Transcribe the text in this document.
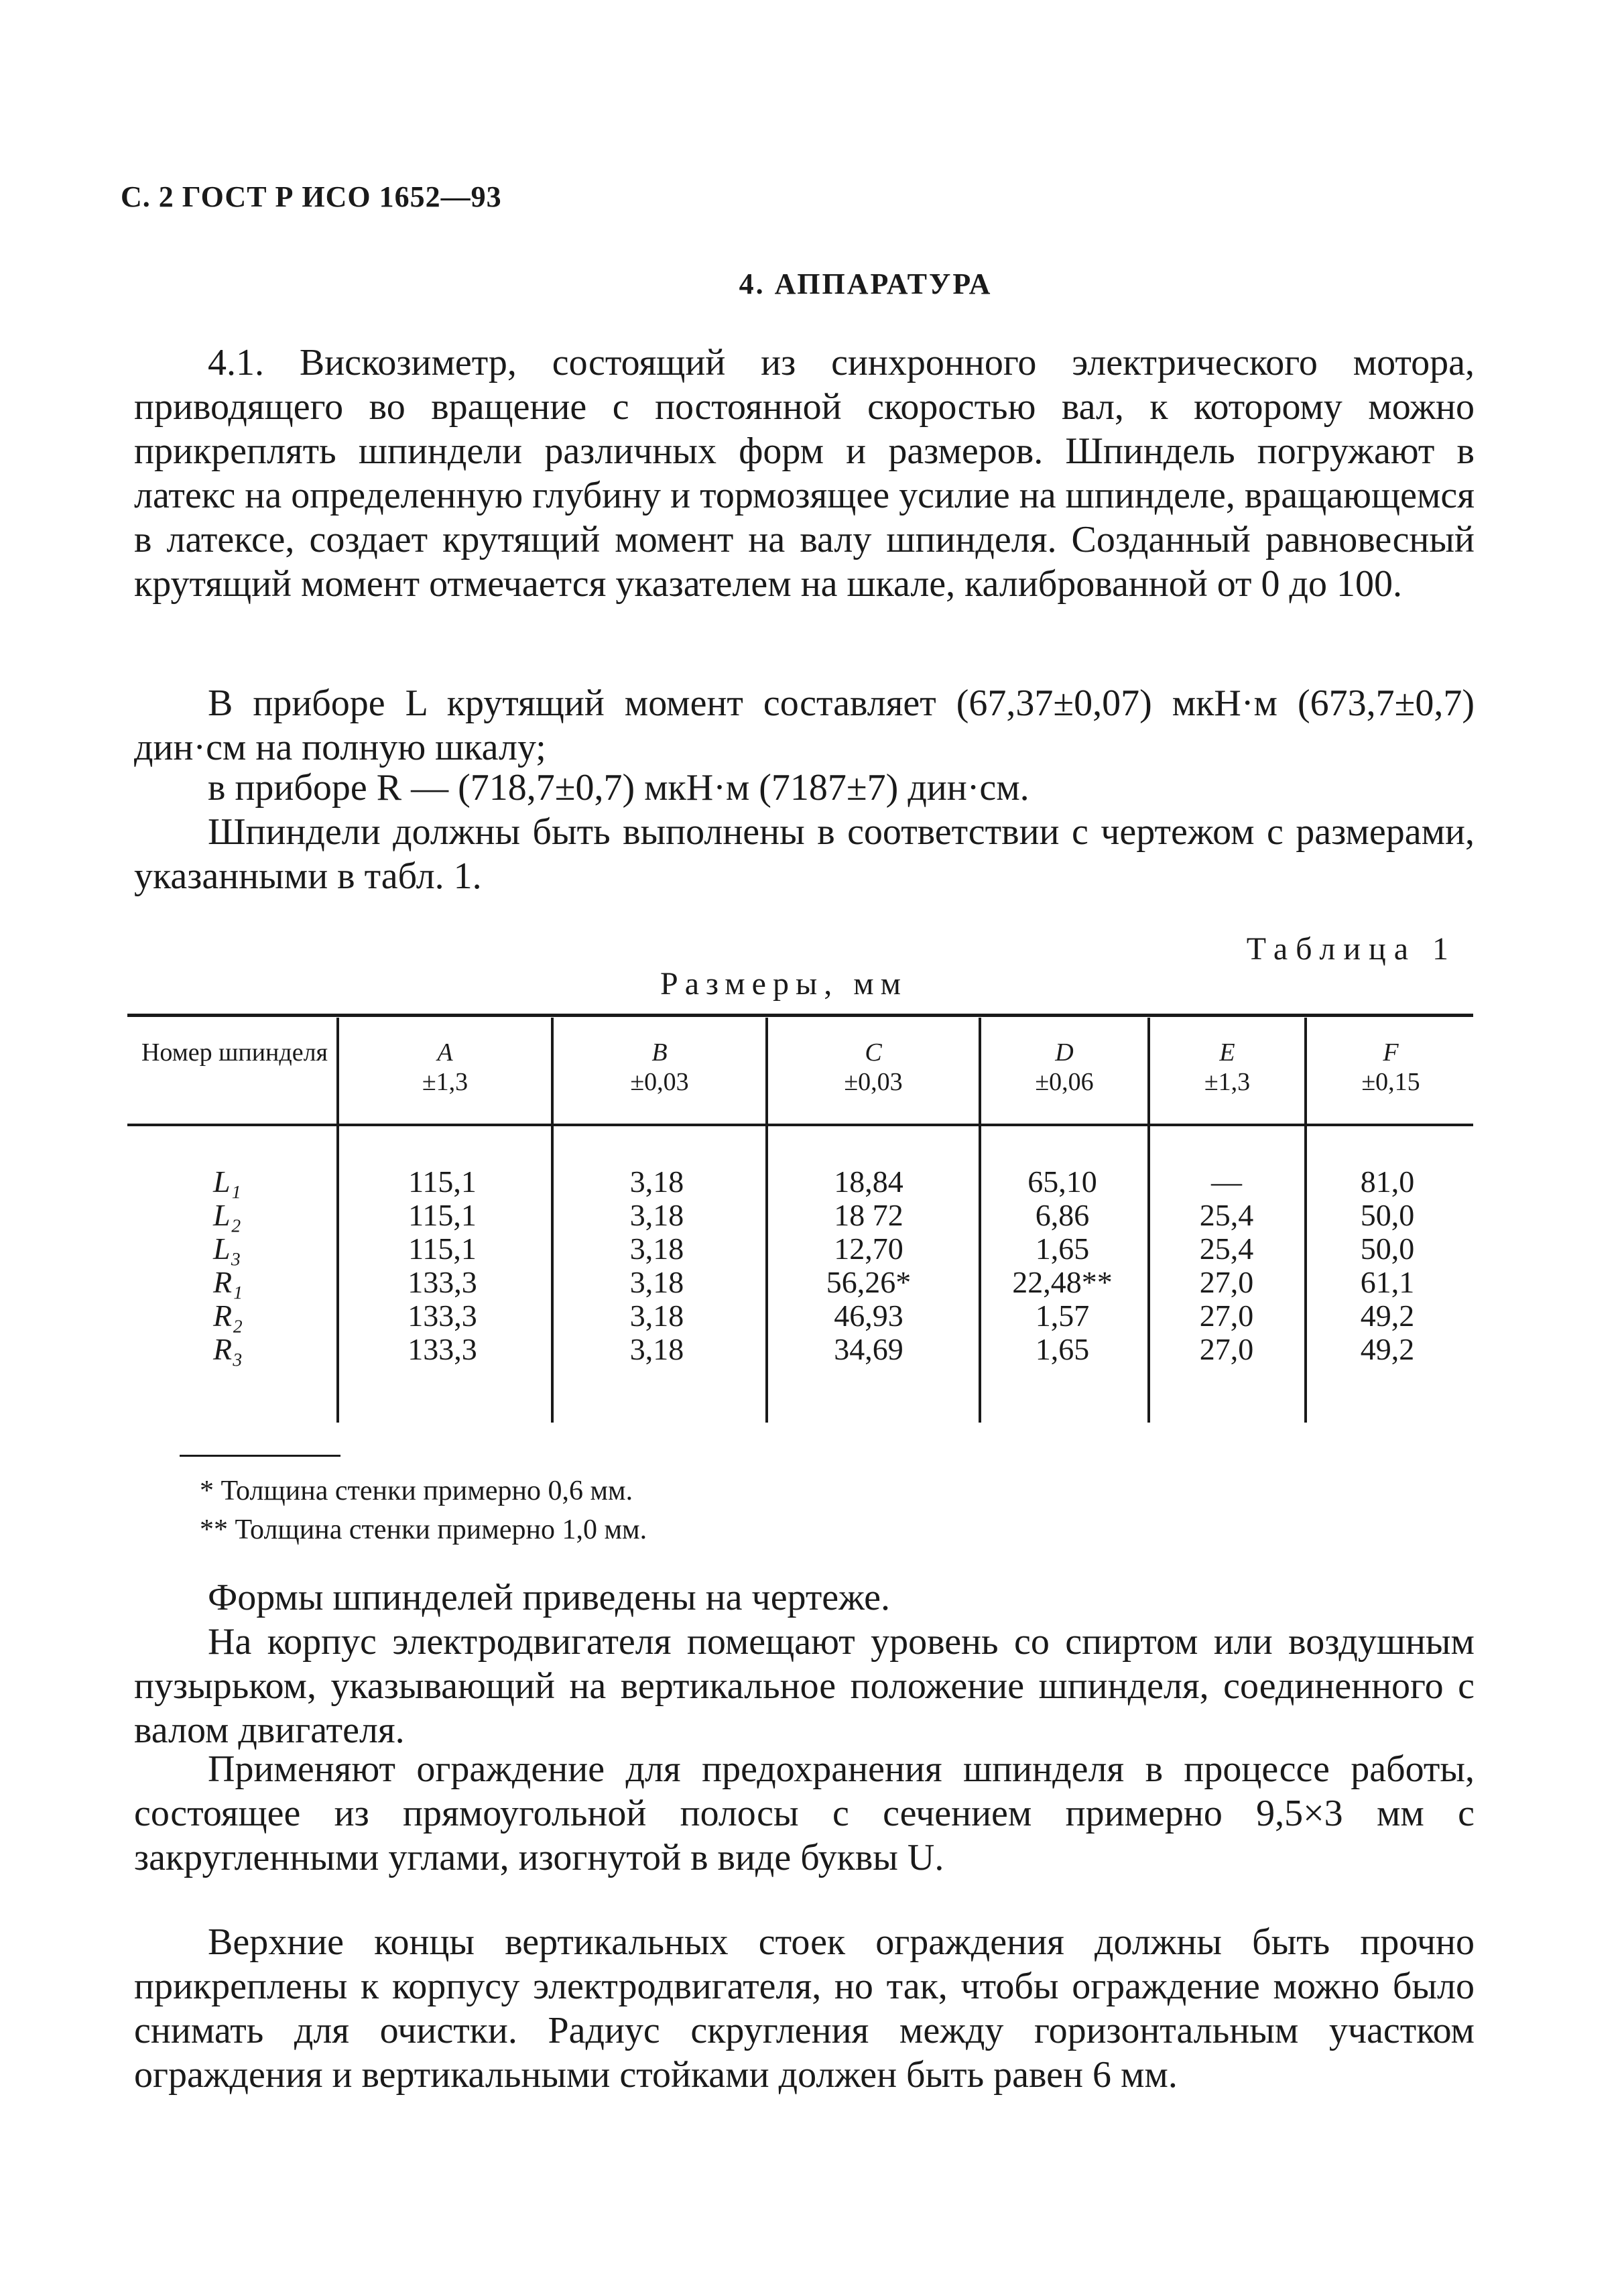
С. 2 ГОСТ Р ИСО 1652—93
4. АППАРАТУРА

4.1. Вискозиметр, состоящий из синхронного электрического мотора, приводящего во вращение с постоянной скоростью вал, к которому можно прикреплять шпиндели различных форм и размеров. Шпиндель погружают в латекс на определенную глубину и тормозящее усилие на шпинделе, вращающемся в латексе, создает крутящий момент на валу шпинделя. Созданный равновесный крутящий момент отмечается указателем на шкале, калиброванной от 0 до 100.

В приборе L крутящий момент составляет (67,37±0,07) мкН·м (673,7±0,7) дин·см на полную шкалу;

в приборе R — (718,7±0,7) мкН·м (7187±7) дин·см.

Шпиндели должны быть выполнены в соответствии с чертежом с размерами, указанными в табл. 1.

Таблица 1
Размеры, мм
Номер шпинделя	A
±1,3
B
±0,03
C
±0,03
D
±0,06
E
±1,3
F
±0,15
L₁
L₂
L₃
R₁
R₂
R₃
115,1
115,1
115,1
133,3
133,3
133,3
3,18
3,18
3,18
3,18
3,18
3,18
18,84
18 72
12,70
56,26*
46,93
34,69
65,10
6,86
1,65
22,48**
1,57
1,65
—
25,4
25,4
27,0
27,0
27,0
81,0
50,0
50,0
61,1
49,2
49,2
* Толщина стенки примерно 0,6 мм.
** Толщина стенки примерно 1,0 мм.

Формы шпинделей приведены на чертеже.

На корпус электродвигателя помещают уровень со спиртом или воздушным пузырьком, указывающий на вертикальное положение шпинделя, соединенного с валом двигателя.

Применяют ограждение для предохранения шпинделя в процессе работы, состоящее из прямоугольной полосы с сечением примерно 9,5×3 мм с закругленными углами, изогнутой в виде буквы U.

Верхние концы вертикальных стоек ограждения должны быть прочно прикреплены к корпусу электродвигателя, но так, чтобы ограждение можно было снимать для очистки. Радиус скругления между горизонтальным участком ограждения и вертикальными стойками должен быть равен 6 мм.
